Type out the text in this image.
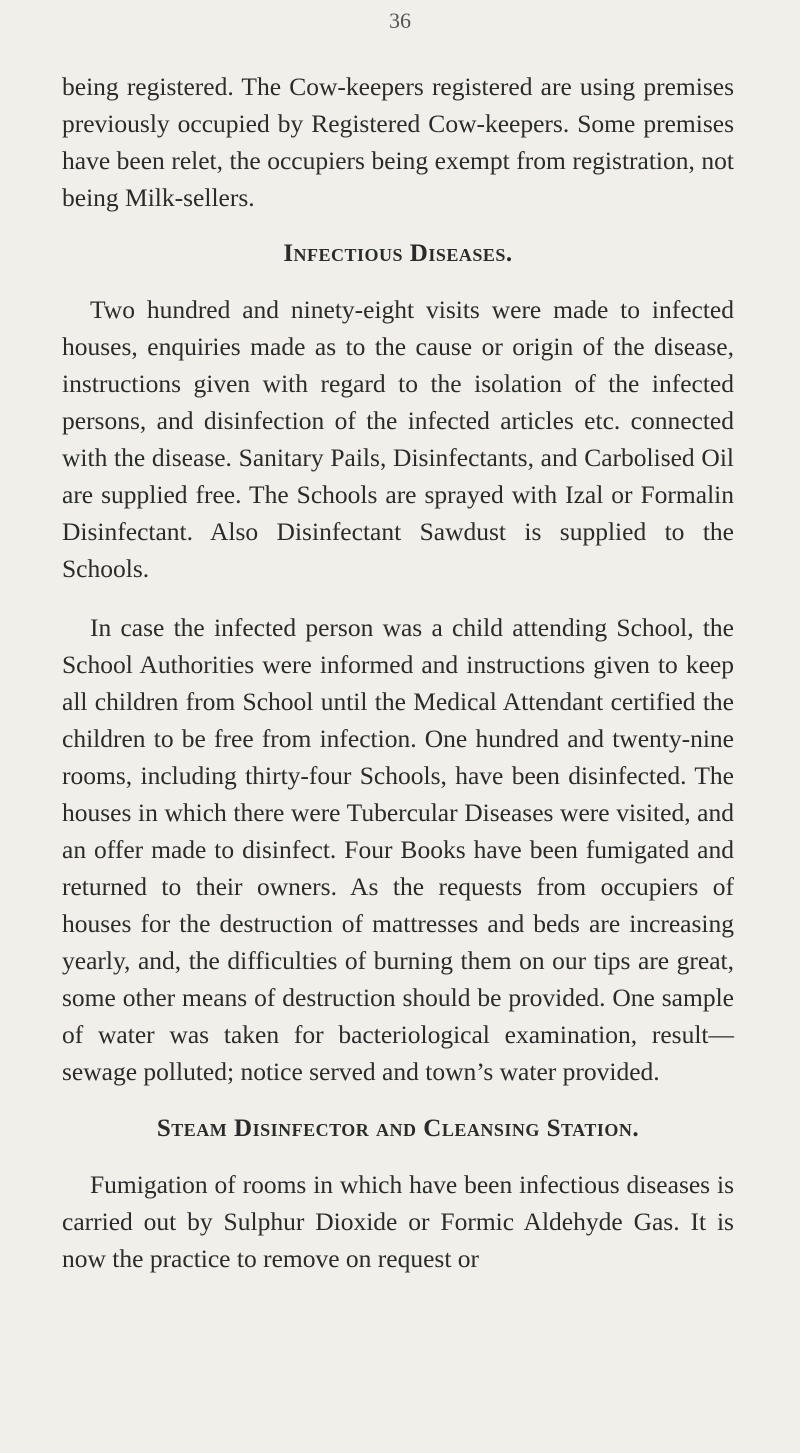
36

being registered. The Cow-keepers registered are using premises previously occupied by Registered Cow-keepers. Some premises have been relet, the occupiers being exempt from registration, not being Milk-sellers.

Infectious Diseases.

Two hundred and ninety-eight visits were made to infected houses, enquiries made as to the cause or origin of the disease, instructions given with regard to the isolation of the infected persons, and disinfection of the infected articles etc. connected with the disease. Sanitary Pails, Disinfectants, and Carbolised Oil are supplied free. The Schools are sprayed with Izal or Formalin Disinfectant. Also Disinfectant Sawdust is supplied to the Schools.

In case the infected person was a child attending School, the School Authorities were informed and instructions given to keep all children from School until the Medical Attendant certified the children to be free from infection. One hundred and twenty-nine rooms, including thirty-four Schools, have been disinfected. The houses in which there were Tubercular Diseases were visited, and an offer made to disinfect. Four Books have been fumigated and returned to their owners. As the requests from occupiers of houses for the destruction of mattresses and beds are increasing yearly, and, the difficulties of burning them on our tips are great, some other means of destruction should be provided. One sample of water was taken for bacteriological examination, result—sewage polluted; notice served and town’s water provided.

Steam Disinfector and Cleansing Station.

Fumigation of rooms in which have been infectious diseases is carried out by Sulphur Dioxide or Formic Aldehyde Gas. It is now the practice to remove on request or
